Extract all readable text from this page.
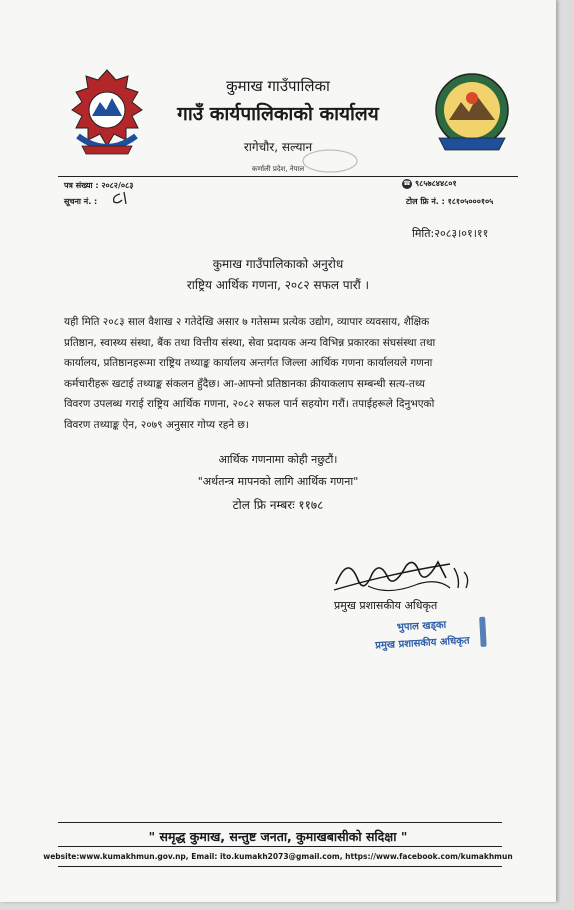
कुमाख गाउँपालिका
गाउँ कार्यपालिकाको कार्यालय
रागेचौर, सल्यान
कर्णाली प्रदेश, नेपाल
पत्र संख्या : २०८२/०८३
सूचना नं. :
☎ ९८५७८४४८०१
टोल फ्रि नं. : १८१०५०००१०५
मिति:२०८३।०१।११
कुमाख गाउँपालिकाको अनुरोध
राष्ट्रिय आर्थिक गणना, २०८२ सफल पारौं ।
यही मिति २०८३ साल वैशाख २ गतेदेखि असार ७ गतेसम्म प्रत्येक उद्योग, व्यापार व्यवसाय, शैक्षिक
प्रतिष्ठान, स्वास्थ्य संस्था, बैंक तथा वित्तीय संस्था, सेवा प्रदायक अन्य विभिन्न प्रकारका संघसंस्था तथा
कार्यालय, प्रतिष्ठानहरूमा राष्ट्रिय तथ्याङ्क कार्यालय अन्तर्गत जिल्ला आर्थिक गणना कार्यालयले गणना
कर्मचारीहरू खटाई तथ्याङ्क संकलन हुँदैछ। आ-आफ्नो प्रतिष्ठानका क्रीयाकलाप सम्बन्धी सत्य-तथ्य
विवरण उपलब्ध गराई राष्ट्रिय आर्थिक गणना, २०८२ सफल पार्न सहयोग गरौं। तपाईहरूले दिनुभएको
विवरण तथ्याङ्क ऐन, २०७९ अनुसार गोप्य रहने छ।
आर्थिक गणनामा कोही नछुटौं।
"अर्थतन्त्र मापनको लागि आर्थिक गणना"
टोल फ्रि नम्बरः ११७८
प्रमुख प्रशासकीय अधिकृत
भुपाल खड्का
प्रमुख प्रशासकीय अधिकृत
" समृद्ध कुमाख, सन्तुष्ट जनता, कुमाखबासीको सदिक्षा "
website:www.kumakhmun.gov.np, Email: ito.kumakh2073@gmail.com, https://www.facebook.com/kumakhmun
